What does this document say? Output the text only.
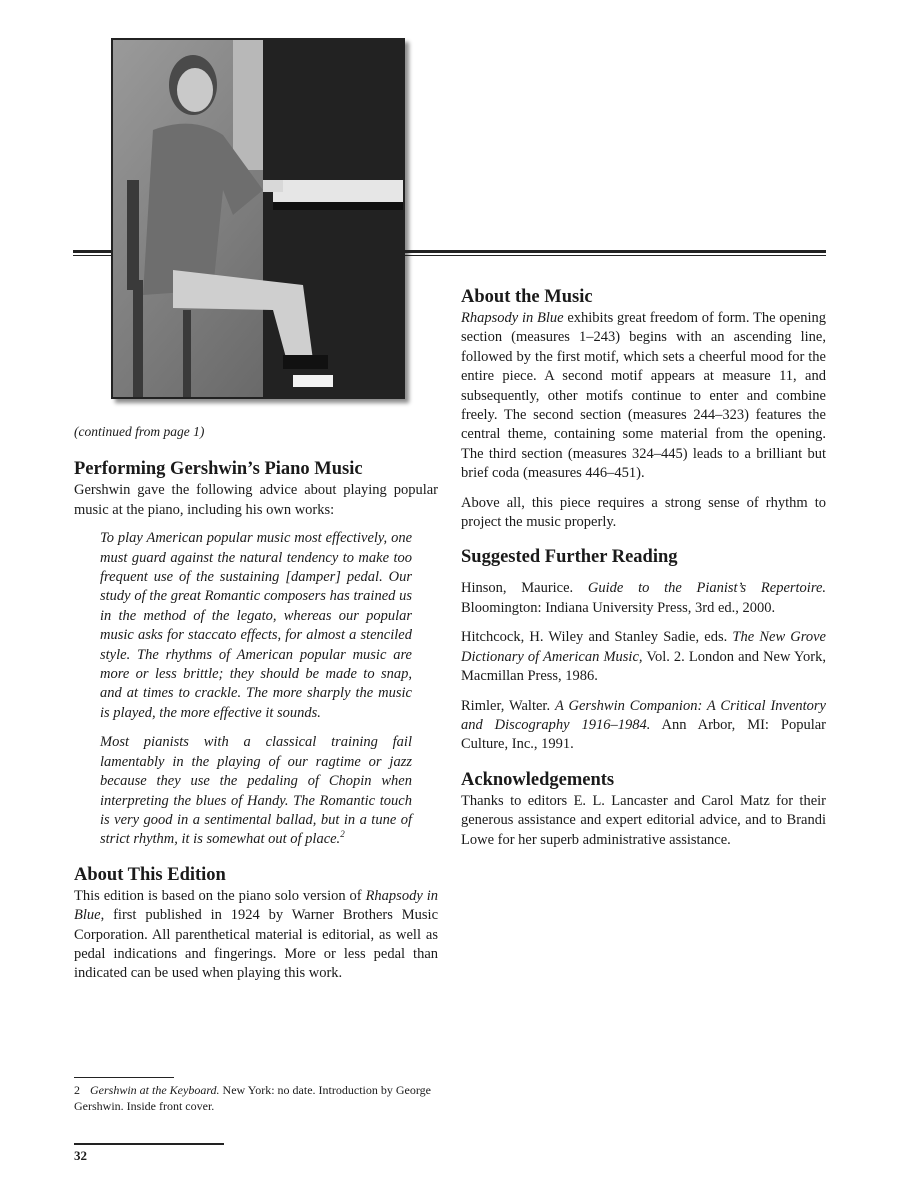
(continued from page 1)

Performing Gershwin’s Piano Music

Gershwin gave the following advice about playing popular music at the piano, including his own works:

To play American popular music most effectively, one must guard against the natural tendency to make too frequent use of the sustaining [damper] pedal. Our study of the great Romantic composers has trained us in the method of the legato, whereas our popular music asks for staccato effects, for almost a stenciled style. The rhythms of American popular music are more or less brittle; they should be made to snap, and at times to crackle. The more sharply the music is played, the more effective it sounds.

Most pianists with a classical training fail lamentably in the playing of our ragtime or jazz because they use the pedaling of Chopin when interpreting the blues of Handy. The Romantic touch is very good in a sentimental ballad, but in a tune of strict rhythm, it is somewhat out of place.$^2$

About This Edition

This edition is based on the piano solo version of Rhapsody in Blue, first published in 1924 by Warner Brothers Music Corporation. All parenthetical material is editorial, as well as pedal indications and fingerings. More or less pedal than indicated can be used when playing this work.

About the Music

Rhapsody in Blue exhibits great freedom of form. The opening section (measures 1–243) begins with an ascending line, followed by the first motif, which sets a cheerful mood for the entire piece. A second motif appears at measure 11, and subsequently, other motifs continue to enter and combine freely. The second section (measures 244–323) features the central theme, containing some material from the opening. The third section (measures 324–445) leads to a brilliant but brief coda (measures 446–451).

Above all, this piece requires a strong sense of rhythm to project the music properly.

Suggested Further Reading

Hinson, Maurice. Guide to the Pianist’s Repertoire. Bloomington: Indiana University Press, 3rd ed., 2000.

Hitchcock, H. Wiley and Stanley Sadie, eds. The New Grove Dictionary of American Music, Vol. 2. London and New York, Macmillan Press, 1986.

Rimler, Walter. A Gershwin Companion: A Critical Inventory and Discography 1916–1984. Ann Arbor, MI: Popular Culture, Inc., 1991.

Acknowledgements

Thanks to editors E. L. Lancaster and Carol Matz for their generous assistance and expert editorial advice, and to Brandi Lowe for her superb administrative assistance.

2 Gershwin at the Keyboard. New York: no date. Introduction by George Gershwin. Inside front cover.
32
